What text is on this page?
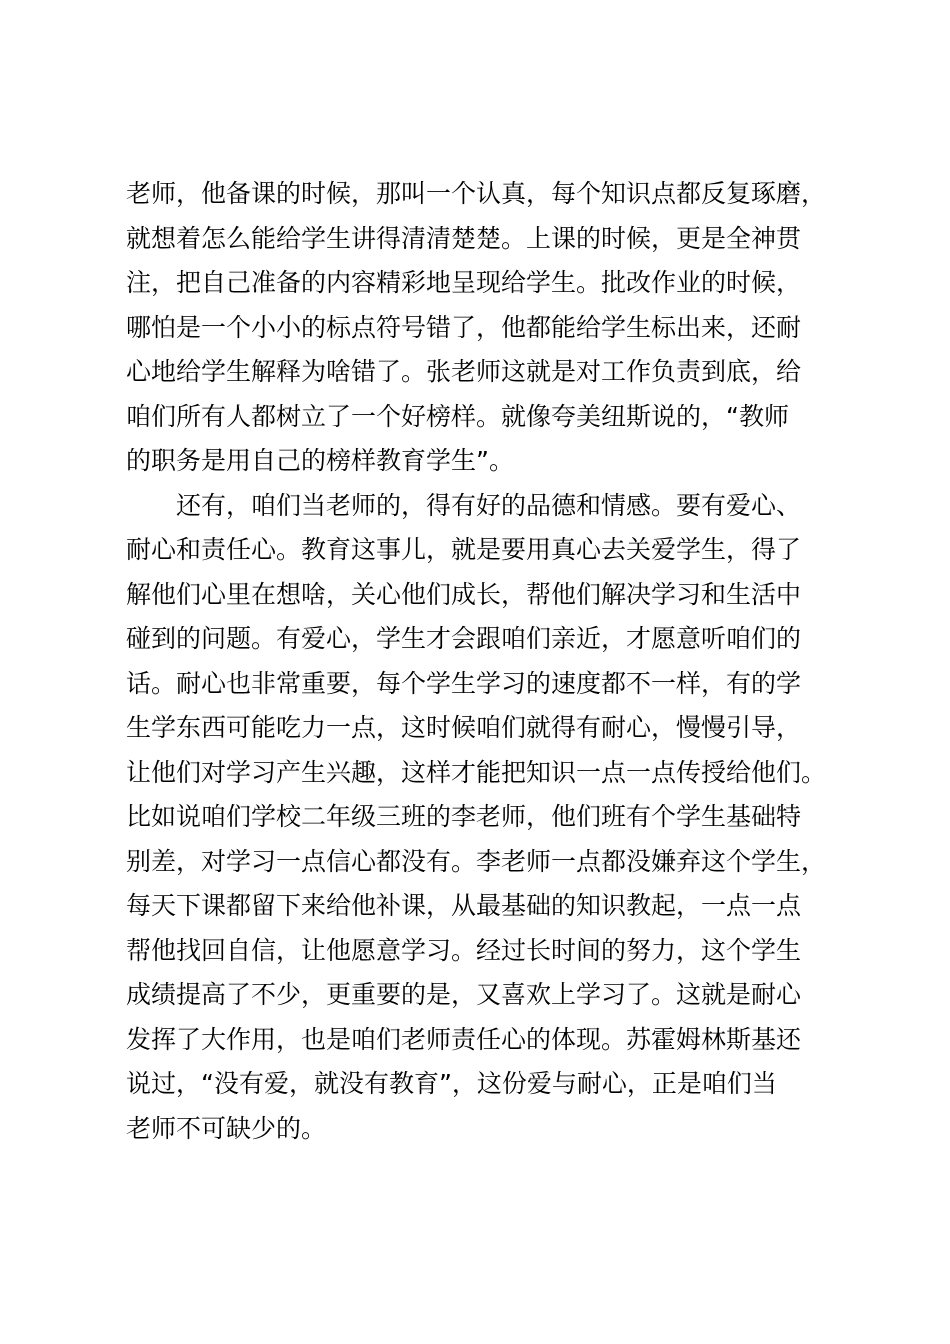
老师，他备课的时候，那叫一个认真，每个知识点都反复琢磨，
就想着怎么能给学生讲得清清楚楚。上课的时候，更是全神贯
注，把自己准备的内容精彩地呈现给学生。批改作业的时候，
哪怕是一个小小的标点符号错了，他都能给学生标出来，还耐
心地给学生解释为啥错了。张老师这就是对工作负责到底，给
咱们所有人都树立了一个好榜样。就像夸美纽斯说的，“教师
的职务是用自己的榜样教育学生”。
　　还有，咱们当老师的，得有好的品德和情感。要有爱心、
耐心和责任心。教育这事儿，就是要用真心去关爱学生，得了
解他们心里在想啥，关心他们成长，帮他们解决学习和生活中
碰到的问题。有爱心，学生才会跟咱们亲近，才愿意听咱们的
话。耐心也非常重要，每个学生学习的速度都不一样，有的学
生学东西可能吃力一点，这时候咱们就得有耐心，慢慢引导，
让他们对学习产生兴趣，这样才能把知识一点一点传授给他们。
比如说咱们学校二年级三班的李老师，他们班有个学生基础特
别差，对学习一点信心都没有。李老师一点都没嫌弃这个学生，
每天下课都留下来给他补课，从最基础的知识教起，一点一点
帮他找回自信，让他愿意学习。经过长时间的努力，这个学生
成绩提高了不少，更重要的是，又喜欢上学习了。这就是耐心
发挥了大作用，也是咱们老师责任心的体现。苏霍姆林斯基还
说过，“没有爱，就没有教育”，这份爱与耐心，正是咱们当
老师不可缺少的。
